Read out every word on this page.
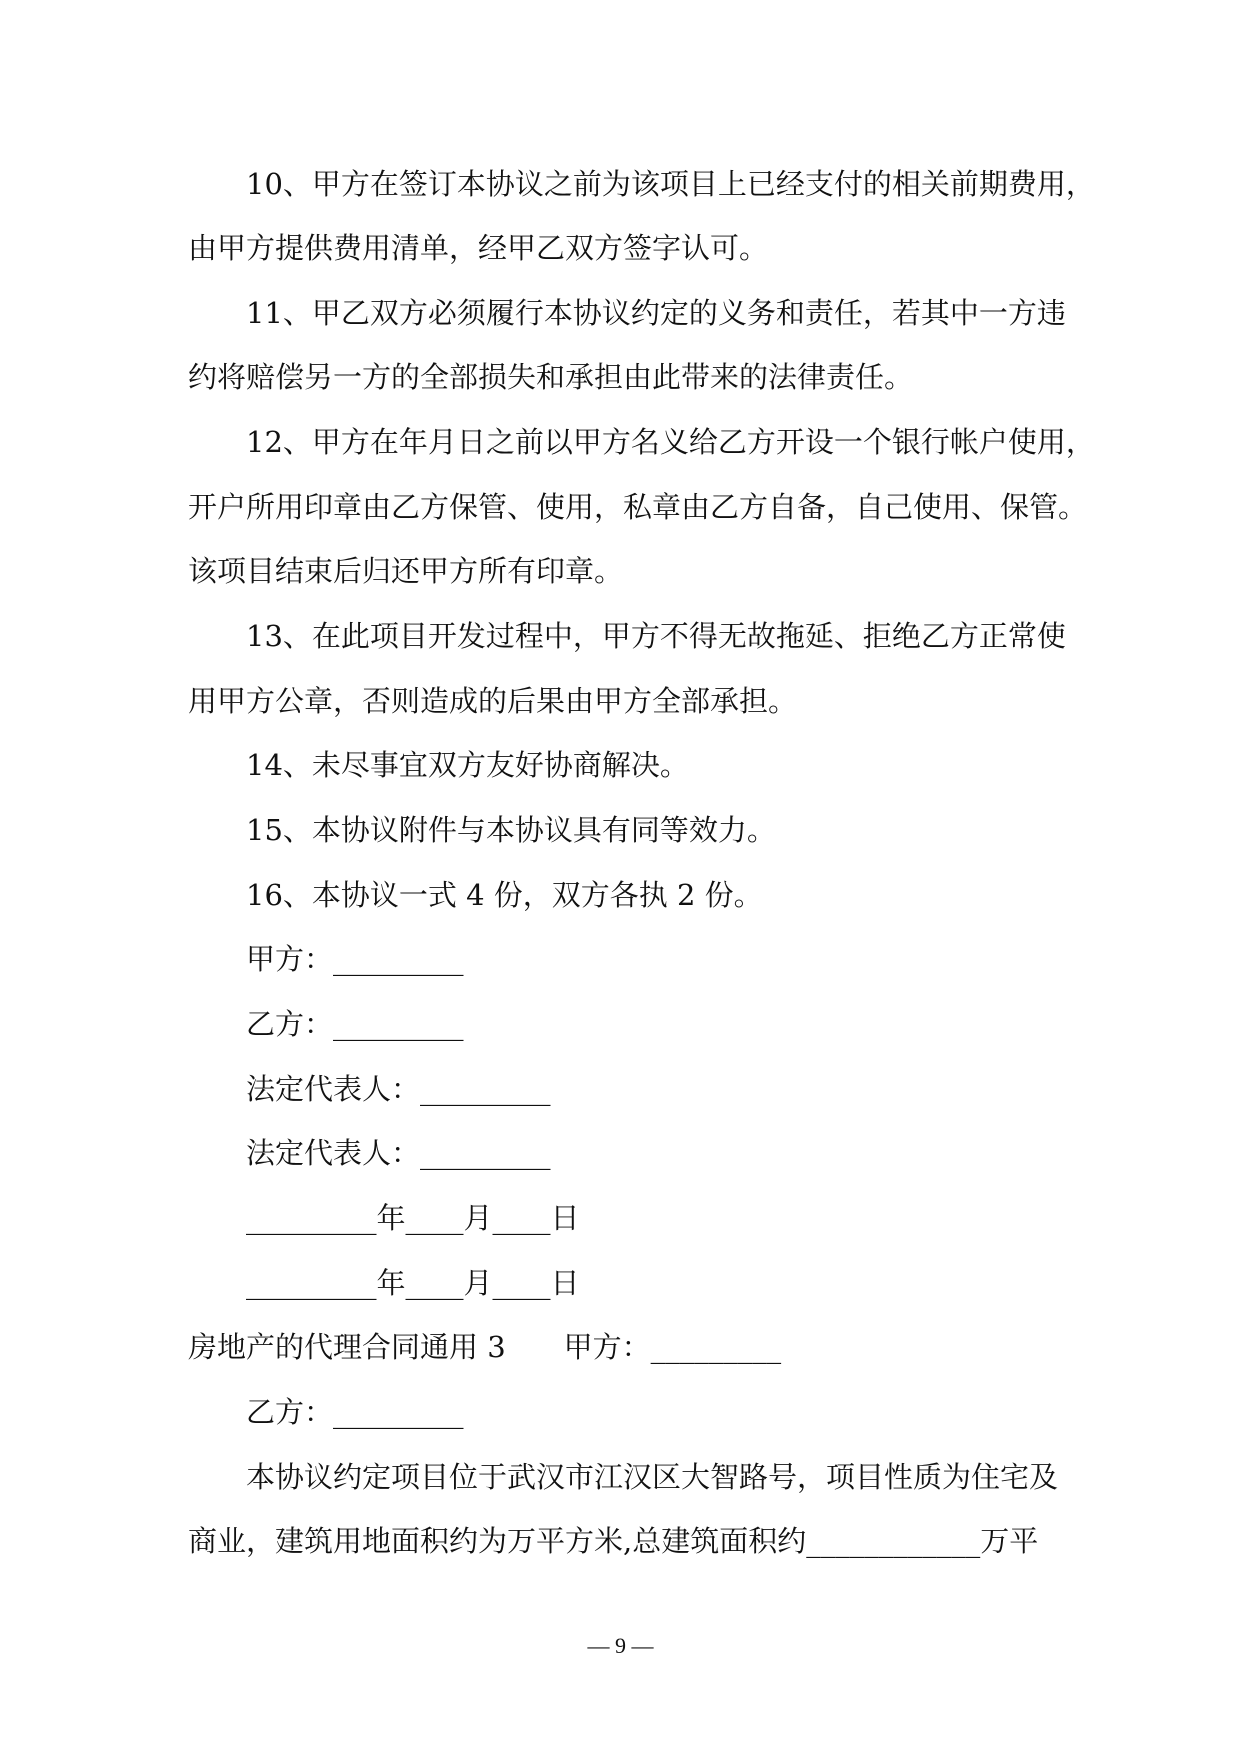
10、甲方在签订本协议之前为该项目上已经支付的相关前期费用，
由甲方提供费用清单，经甲乙双方签字认可。
11、甲乙双方必须履行本协议约定的义务和责任，若其中一方违
约将赔偿另一方的全部损失和承担由此带来的法律责任。
12、甲方在年月日之前以甲方名义给乙方开设一个银行帐户使用，
开户所用印章由乙方保管、使用，私章由乙方自备，自己使用、保管。
该项目结束后归还甲方所有印章。
13、在此项目开发过程中，甲方不得无故拖延、拒绝乙方正常使
用甲方公章，否则造成的后果由甲方全部承担。
14、未尽事宜双方友好协商解决。
15、本协议附件与本协议具有同等效力。
16、本协议一式 4 份，双方各执 2 份。
甲方：_________
乙方：_________
法定代表人：_________
法定代表人：_________
_________年____月____日
_________年____月____日
房地产的代理合同通用 3　　甲方：_________
乙方：_________
本协议约定项目位于武汉市江汉区大智路号，项目性质为住宅及
商业，建筑用地面积约为万平方米,总建筑面积约____________万平
— 9 —
